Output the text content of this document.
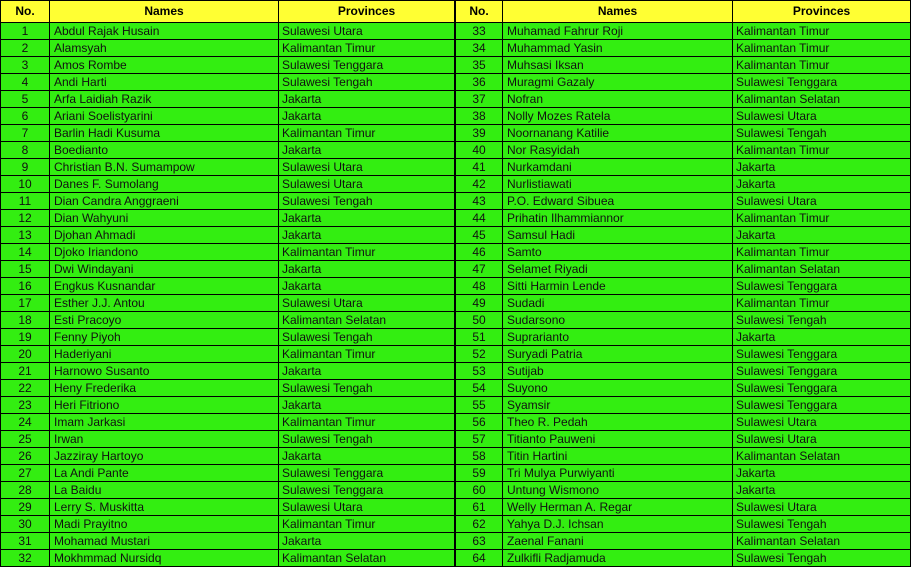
No.	Names	Provinces
1	Abdul Rajak Husain	Sulawesi Utara
2	Alamsyah	Kalimantan Timur
3	Amos Rombe	Sulawesi Tenggara
4	Andi Harti	Sulawesi Tengah
5	Arfa Laidiah Razik	Jakarta
6	Ariani Soelistyarini	Jakarta
7	Barlin Hadi Kusuma	Kalimantan Timur
8	Boedianto	Jakarta
9	Christian B.N. Sumampow	Sulawesi Utara
10	Danes F. Sumolang	Sulawesi Utara
11	Dian Candra Anggraeni	Sulawesi Tengah
12	Dian Wahyuni	Jakarta
13	Djohan Ahmadi	Jakarta
14	Djoko Iriandono	Kalimantan Timur
15	Dwi Windayani	Jakarta
16	Engkus Kusnandar	Jakarta
17	Esther J.J. Antou	Sulawesi Utara
18	Esti Pracoyo	Kalimantan Selatan
19	Fenny Piyoh	Sulawesi Tengah
20	Haderiyani	Kalimantan Timur
21	Harnowo Susanto	Jakarta
22	Heny Frederika	Sulawesi Tengah
23	Heri Fitriono	Jakarta
24	Imam Jarkasi	Kalimantan Timur
25	Irwan	Sulawesi Tengah
26	Jazziray Hartoyo	Jakarta
27	La Andi Pante	Sulawesi Tenggara
28	La Baidu	Sulawesi Tenggara
29	Lerry S. Muskitta	Sulawesi Utara
30	Madi Prayitno	Kalimantan Timur
31	Mohamad Mustari	Jakarta
32	Mokhmmad Nursidq	Kalimantan Selatan
No.	Names	Provinces
33	Muhamad Fahrur Roji	Kalimantan Timur
34	Muhammad Yasin	Kalimantan Timur
35	Muhsasi Iksan	Kalimantan Timur
36	Muragmi Gazaly	Sulawesi Tenggara
37	Nofran	Kalimantan Selatan
38	Nolly Mozes Ratela	Sulawesi Utara
39	Noornanang Katilie	Sulawesi Tengah
40	Nor Rasyidah	Kalimantan Timur
41	Nurkamdani	Jakarta
42	Nurlistiawati	Jakarta
43	P.O. Edward Sibuea	Sulawesi Utara
44	Prihatin Ilhammiannor	Kalimantan Timur
45	Samsul Hadi	Jakarta
46	Samto	Kalimantan Timur
47	Selamet Riyadi	Kalimantan Selatan
48	Sitti Harmin Lende	Sulawesi Tenggara
49	Sudadi	Kalimantan Timur
50	Sudarsono	Sulawesi Tengah
51	Suprarianto	Jakarta
52	Suryadi Patria	Sulawesi Tenggara
53	Sutijab	Sulawesi Tenggara
54	Suyono	Sulawesi Tenggara
55	Syamsir	Sulawesi Tenggara
56	Theo R. Pedah	Sulawesi Utara
57	Titianto Pauweni	Sulawesi Utara
58	Titin Hartini	Kalimantan Selatan
59	Tri Mulya Purwiyanti	Jakarta
60	Untung Wismono	Jakarta
61	Welly Herman A. Regar	Sulawesi Utara
62	Yahya D.J. Ichsan	Sulawesi Tengah
63	Zaenal Fanani	Kalimantan Selatan
64	Zulkifli Radjamuda	Sulawesi Tengah
